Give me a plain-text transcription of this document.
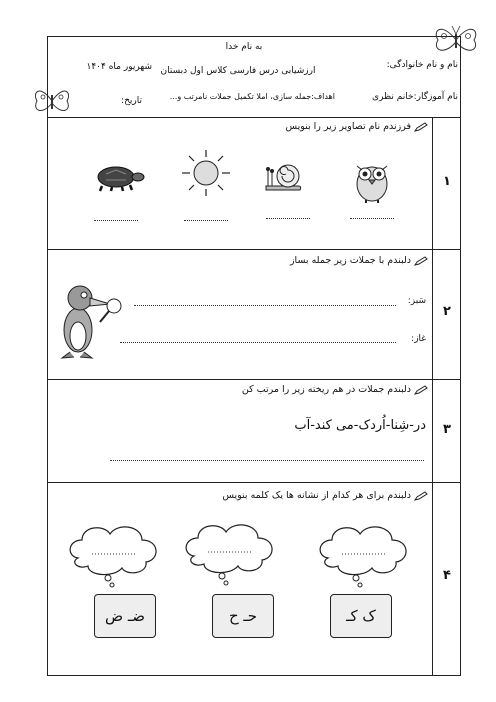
به نام خدا
ارزشیابی درس فارسی کلاس اول دبستان
شهریور ماه ۱۴۰۴
اهداف:جمله سازی، املا تکمیل جملات نامرتب و...
نام و نام خانوادگی:
نام آموزگار:خانم نظری
تاریخ:
۱
۲
۳
۴
فرزندم نام تصاویر زیر را بنویس
دلبندم با جملات زیر جمله بساز
سَبز:
غاز:
دلبندم جملات در هم ریخته زیر را مرتب کن
در-شِنا-اُردک-می کند-آب
دلبندم برای هر کدام از نشانه ها یک کلمه بنویس
ک کـ
حـ ح
ضـ ض
